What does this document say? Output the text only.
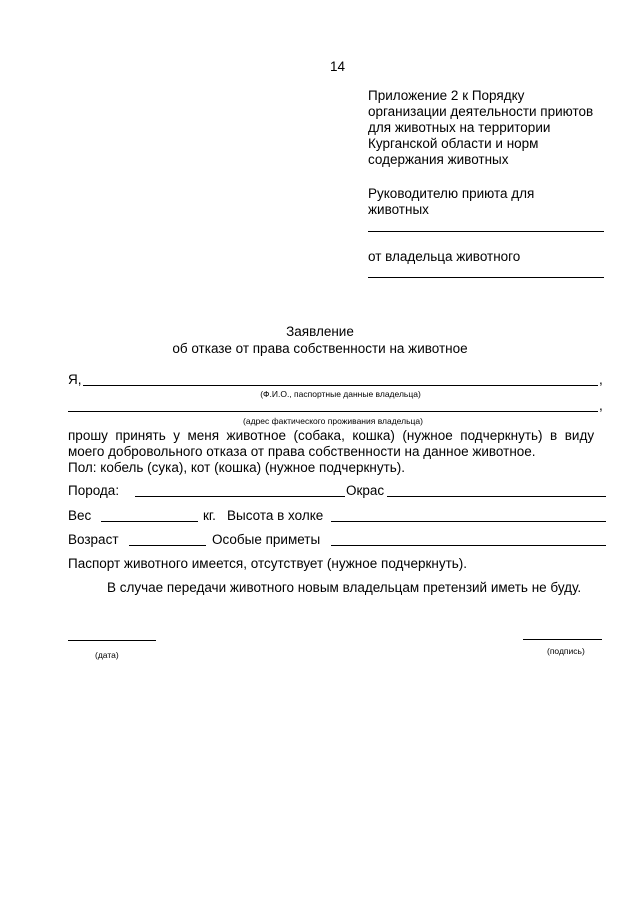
14
Приложение 2 к Порядку
организации деятельности приютов
для животных на территории
Курганской области и норм
содержания животных
Руководителю приюта для
животных
от владельца животного
Заявление
об отказе от права собственности на животное
Я,	,
(Ф.И.О., паспортные данные владельца)
,
(адрес фактического проживания владельца)
прошу  принять  у  меня  животное  (собака,  кошка)  (нужное  подчеркнуть)  в  виду
моего добровольного отказа от права собственности на данное животное.
Пол: кобель (сука), кот (кошка) (нужное подчеркнуть).
Порода:	Окрас
Вес	кг. Высота в холке
Возраст	Особые приметы
Паспорт животного имеется, отсутствует (нужное подчеркнуть).
В случае передачи животного новым владельцам претензий иметь не буду.
(дата)	(подпись)
